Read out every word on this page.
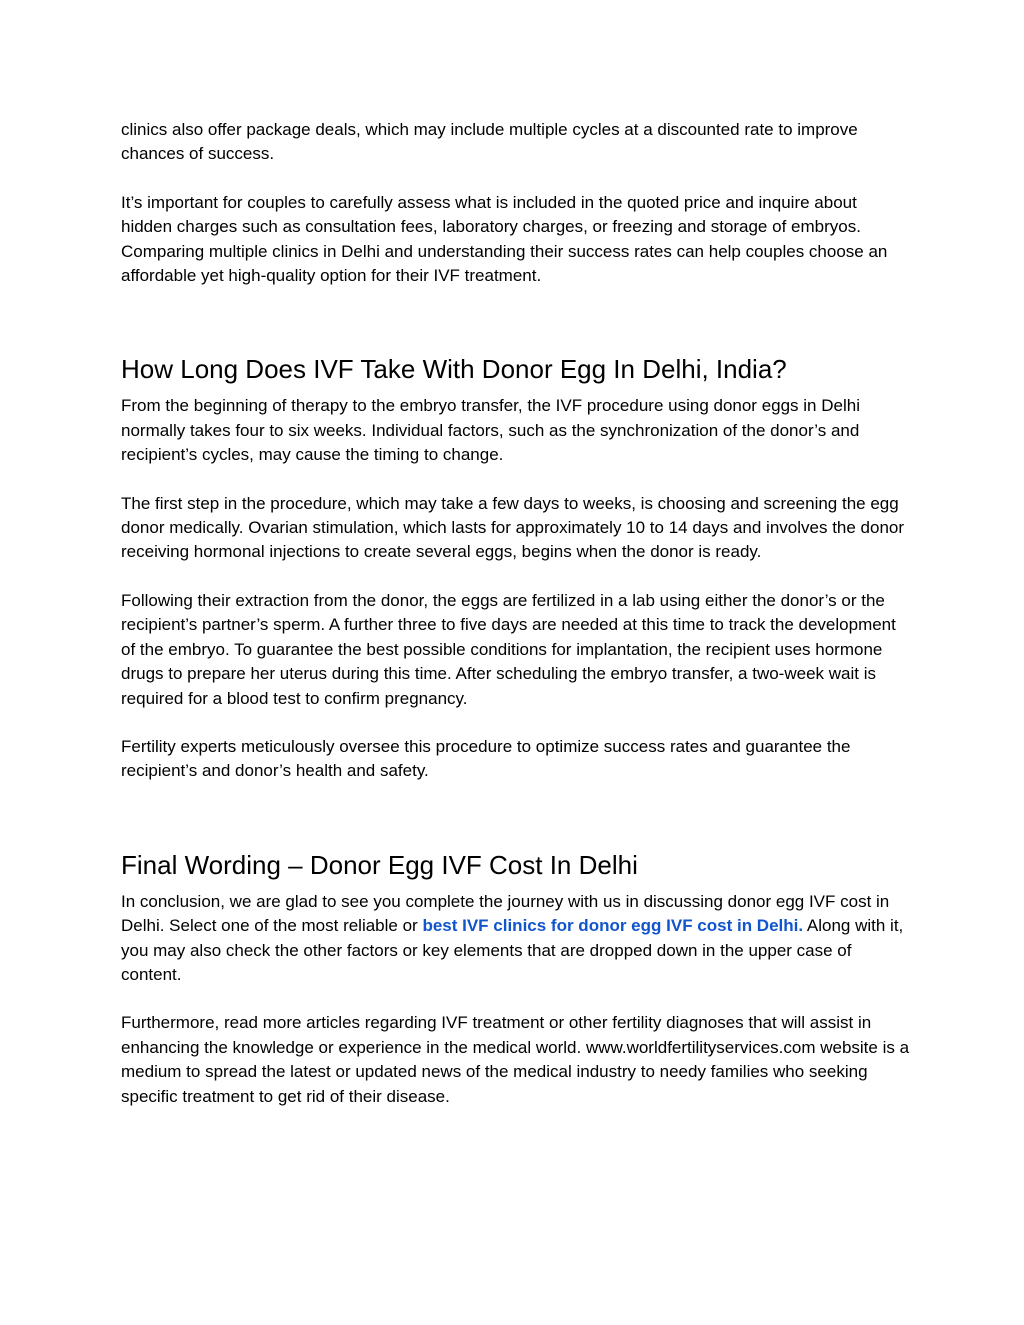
clinics also offer package deals, which may include multiple cycles at a discounted rate to improve chances of success.

It’s important for couples to carefully assess what is included in the quoted price and inquire about hidden charges such as consultation fees, laboratory charges, or freezing and storage of embryos. Comparing multiple clinics in Delhi and understanding their success rates can help couples choose an affordable yet high-quality option for their IVF treatment.

How Long Does IVF Take With Donor Egg In Delhi, India?

From the beginning of therapy to the embryo transfer, the IVF procedure using donor eggs in Delhi normally takes four to six weeks. Individual factors, such as the synchronization of the donor’s and recipient’s cycles, may cause the timing to change.

The first step in the procedure, which may take a few days to weeks, is choosing and screening the egg donor medically. Ovarian stimulation, which lasts for approximately 10 to 14 days and involves the donor receiving hormonal injections to create several eggs, begins when the donor is ready.

Following their extraction from the donor, the eggs are fertilized in a lab using either the donor’s or the recipient’s partner’s sperm. A further three to five days are needed at this time to track the development of the embryo. To guarantee the best possible conditions for implantation, the recipient uses hormone drugs to prepare her uterus during this time. After scheduling the embryo transfer, a two-week wait is required for a blood test to confirm pregnancy.

Fertility experts meticulously oversee this procedure to optimize success rates and guarantee the recipient’s and donor’s health and safety.

Final Wording – Donor Egg IVF Cost In Delhi

In conclusion, we are glad to see you complete the journey with us in discussing donor egg IVF cost in Delhi. Select one of the most reliable or best IVF clinics for donor egg IVF cost in Delhi. Along with it, you may also check the other factors or key elements that are dropped down in the upper case of content.

Furthermore, read more articles regarding IVF treatment or other fertility diagnoses that will assist in enhancing the knowledge or experience in the medical world. www.worldfertilityservices.com website is a medium to spread the latest or updated news of the medical industry to needy families who seeking specific treatment to get rid of their disease.
